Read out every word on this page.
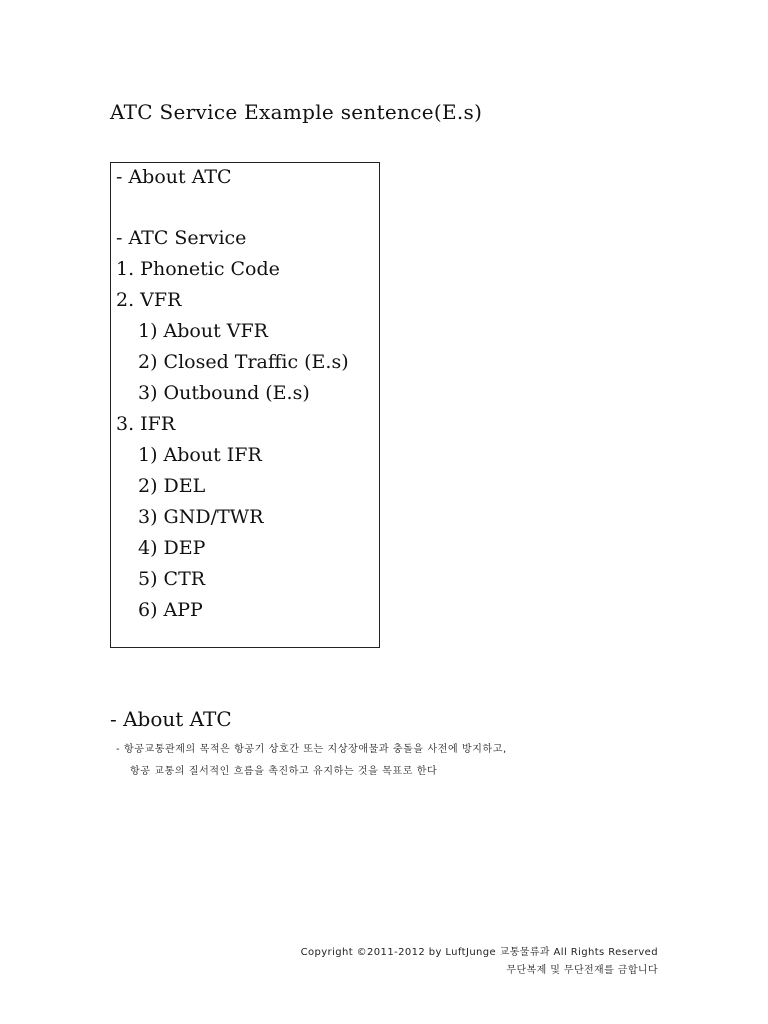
ATC Service Example sentence(E.s)
- About ATC
- ATC Service
1. Phonetic Code
2. VFR
1) About VFR
2) Closed Traffic (E.s)
3) Outbound (E.s)
3. IFR
1) About IFR
2) DEL
3) GND/TWR
4) DEP
5) CTR
6) APP
- About ATC
- 항공교통관제의 목적은 항공기 상호간 또는 지상장애물과 충돌을 사전에 방지하고,
항공 교통의 질서적인 흐름을 촉진하고 유지하는 것을 목표로 한다
Copyright ©2011-2012 by LuftJunge 교통물류과 All Rights Reserved
무단복제 및 무단전재를 금합니다
